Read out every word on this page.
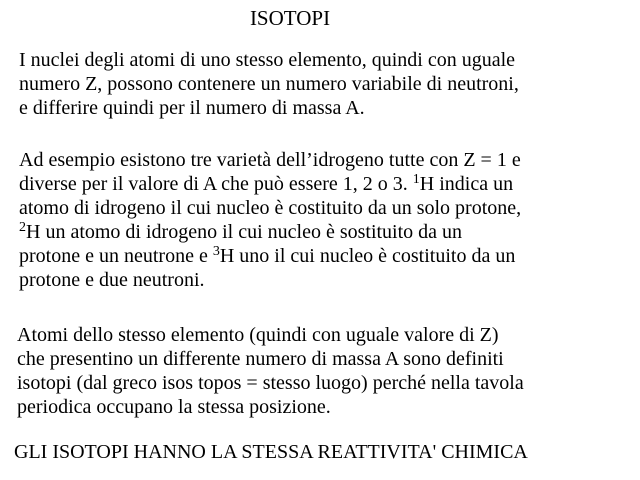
ISOTOPI
I nuclei degli atomi di uno stesso elemento, quindi con uguale
numero Z, possono contenere un numero variabile di neutroni,
e differire quindi per il numero di massa A.
Ad esempio esistono tre varietà dell’idrogeno tutte con Z = 1 e
diverse per il valore di A che può essere 1, 2 o 3. $^1$H indica un
atomo di idrogeno il cui nucleo è costituito da un solo protone,
$^2$H un atomo di idrogeno il cui nucleo è sostituito da un
protone e un neutrone e $^3$H uno il cui nucleo è costituito da un
protone e due neutroni.
Atomi dello stesso elemento (quindi con uguale valore di Z)
che presentino un differente numero di massa A sono definiti
isotopi (dal greco isos topos = stesso luogo) perché nella tavola
periodica occupano la stessa posizione.
GLI ISOTOPI HANNO LA STESSA REATTIVITA' CHIMICA
